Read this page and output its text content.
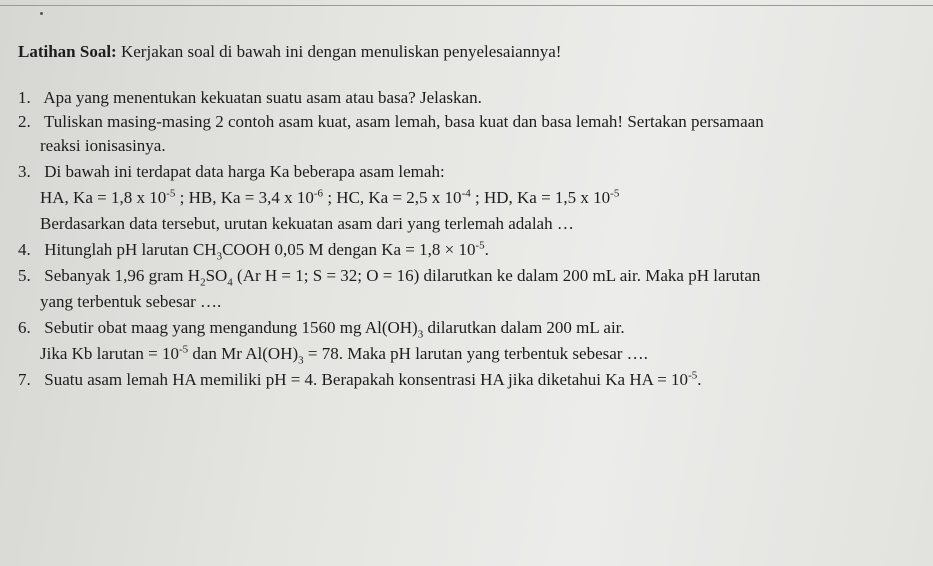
Latihan Soal: Kerjakan soal di bawah ini dengan menuliskan penyelesaiannya!
1. Apa yang menentukan kekuatan suatu asam atau basa? Jelaskan.
2. Tuliskan masing-masing 2 contoh asam kuat, asam lemah, basa kuat dan basa lemah! Sertakan persamaan
reaksi ionisasinya.
3. Di bawah ini terdapat data harga Ka beberapa asam lemah:
HA, Ka = 1,8 x $10^{-5}$ ; HB, Ka = 3,4 x $10^{-6}$ ; HC, Ka = 2,5 x $10^{-4}$ ; HD, Ka = 1,5 x $10^{-5}$
Berdasarkan data tersebut, urutan kekuatan asam dari yang terlemah adalah …
4. Hitunglah pH larutan $CH_3COOH$ 0,05 M dengan $Ka = 1,8 \times 10^{-5}$.
5. Sebanyak 1,96 gram $H_2SO_4$ (Ar H = 1; S = 32; O = 16) dilarutkan ke dalam 200 mL air. Maka pH larutan
yang terbentuk sebesar ….
6. Sebutir obat maag yang mengandung 1560 mg $Al(OH)_3$ dilarutkan dalam 200 mL air.
Jika Kb larutan = $10^{-5}$ dan Mr $Al(OH)_3 = 78$. Maka pH larutan yang terbentuk sebesar ….
7. Suatu asam lemah HA memiliki pH = 4. Berapakah konsentrasi HA jika diketahui Ka HA = $10^{-5}$.
